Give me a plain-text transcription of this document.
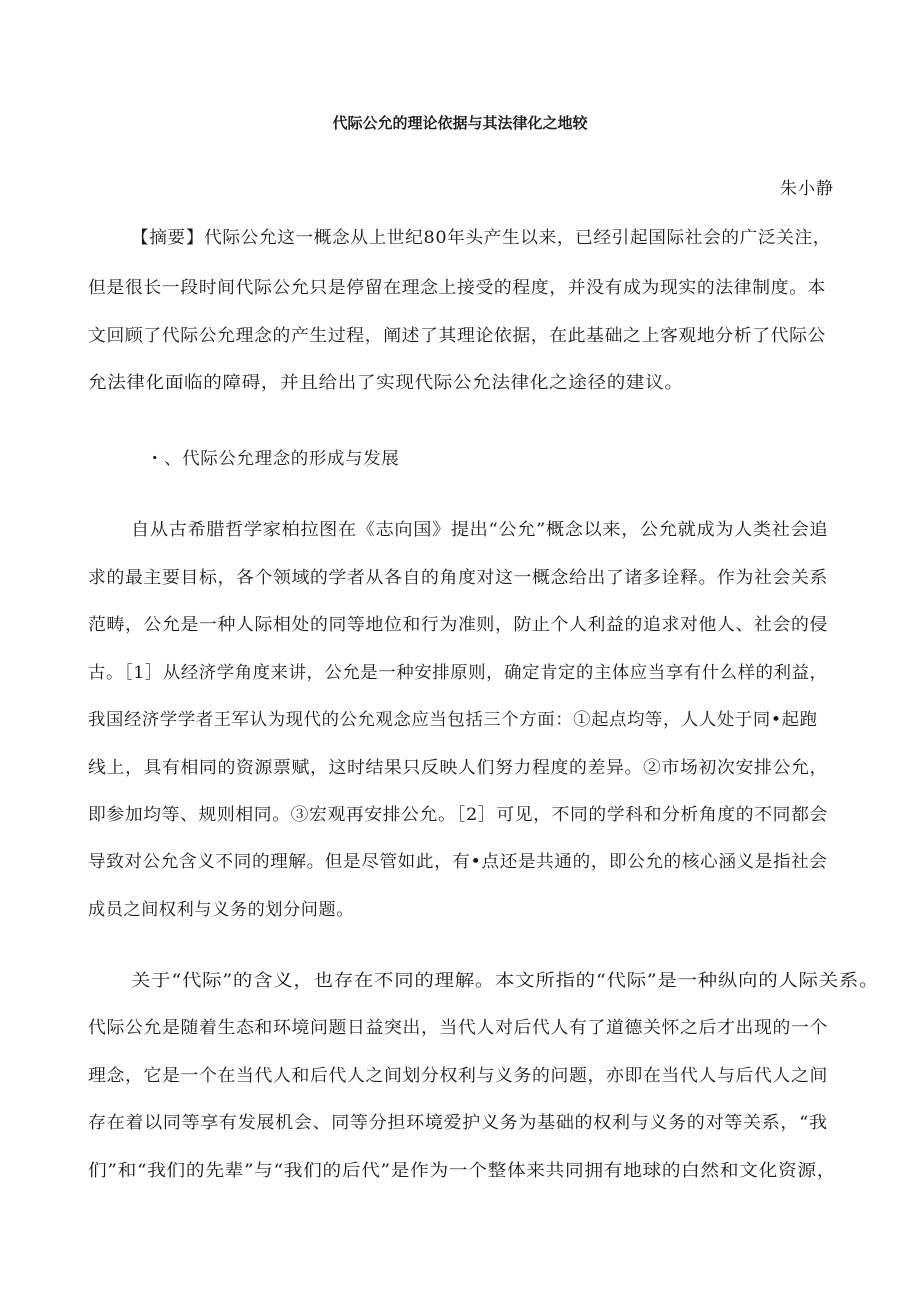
代际公允的理论依据与其法律化之地较
朱小静
【摘要】代际公允这一概念从上世纪80年头产生以来，已经引起国际社会的广泛关注，
但是很长一段时间代际公允只是停留在理念上接受的程度，并没有成为现实的法律制度。本
文回顾了代际公允理念的产生过程，阐述了其理论依据，在此基础之上客观地分析了代际公
允法律化面临的障碍，并且给出了实现代际公允法律化之途径的建议。
・、代际公允理念的形成与发展
自从古希腊哲学家柏拉图在《志向国》提出“公允”概念以来，公允就成为人类社会追
求的最主要目标，各个领域的学者从各自的角度对这一概念给出了诸多诠释。作为社会关系
范畴，公允是一种人际相处的同等地位和行为准则，防止个人利益的追求对他人、社会的侵
古。［1］从经济学角度来讲，公允是一种安排原则，确定肯定的主体应当享有什么样的利益，
我国经济学学者王军认为现代的公允观念应当包括三个方面：①起点均等，人人处于同•起跑
线上，具有相同的资源票赋，这时结果只反映人们努力程度的差异。②市场初次安排公允，
即参加均等、规则相同。③宏观再安排公允。［2］可见，不同的学科和分析角度的不同都会
导致对公允含义不同的理解。但是尽管如此，有•点还是共通的，即公允的核心涵义是指社会
成员之间权利与义务的划分问题。
关于“代际”的含义，也存在不同的理解。本文所指的“代际”是一种纵向的人际关系。
代际公允是随着生态和环境问题日益突出，当代人对后代人有了道德关怀之后才出现的一个
理念，它是一个在当代人和后代人之间划分权利与义务的问题，亦即在当代人与后代人之间
存在着以同等享有发展机会、同等分担环境爱护义务为基础的权利与义务的对等关系，“我
们”和“我们的先辈”与“我们的后代”是作为一个整体来共同拥有地球的白然和文化资源，
